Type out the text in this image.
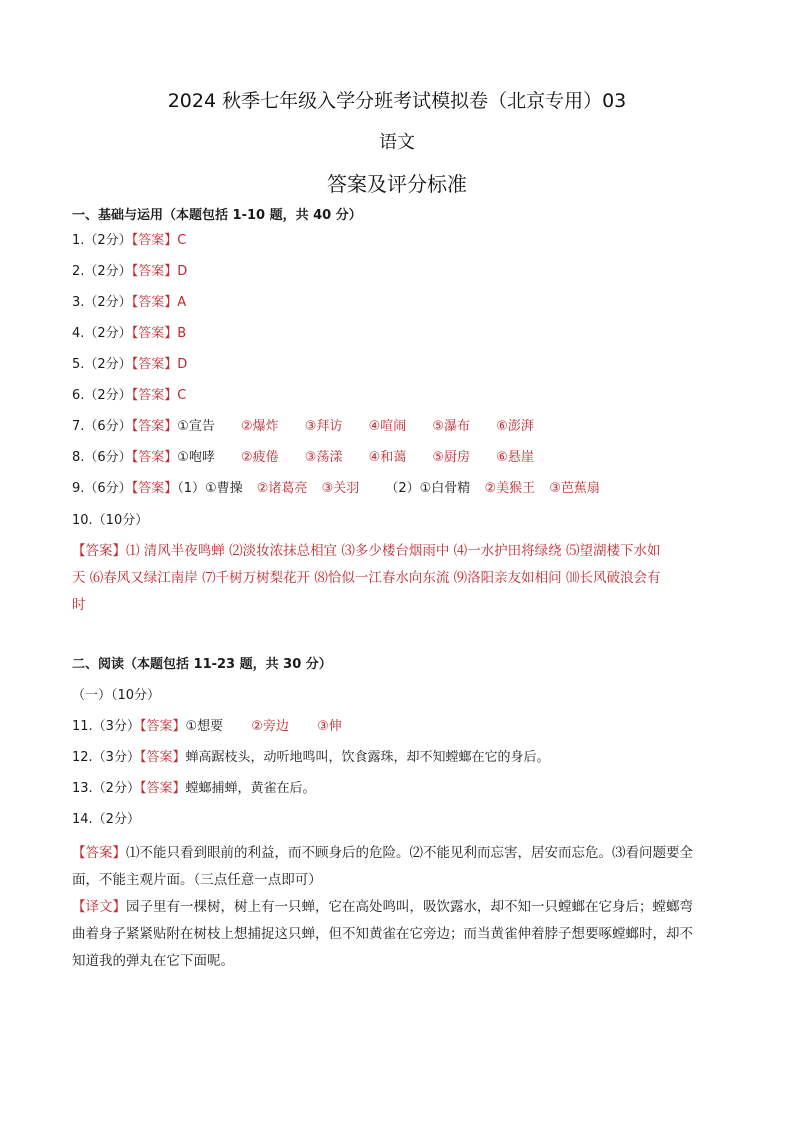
2024 秋季七年级入学分班考试模拟卷（北京专用）03
语文
答案及评分标准
一、基础与运用（本题包括 1-10 题，共 40 分）
1.（2分）【答案】C
2.（2分）【答案】D
3.（2分）【答案】A
4.（2分）【答案】B
5.（2分）【答案】D
6.（2分）【答案】C
7.（6分）【答案】①宣告 ②爆炸 ③拜访 ④喧闹 ⑤瀑布 ⑥澎湃
8.（6分）【答案】①咆哮 ②疲倦 ③荡漾 ④和蔼 ⑤厨房 ⑥悬崖
9.（6分）【答案】（1）①曹操 ②诸葛亮 ③关羽 （2）①白骨精 ②美猴王 ③芭蕉扇
10.（10分）
【答案】⑴ 清风半夜鸣蝉 ⑵淡妆浓抹总相宜 ⑶多少楼台烟雨中 ⑷一水护田将绿绕 ⑸望湖楼下水如
天 ⑹春风又绿江南岸 ⑺千树万树梨花开 ⑻恰似一江春水向东流 ⑼洛阳亲友如相问 ⑽长风破浪会有
时
二、阅读（本题包括 11-23 题，共 30 分）
（一）（10分）
11.（3分）【答案】①想要 ②旁边 ③伸
12.（3分）【答案】蝉高踞枝头，动听地鸣叫，饮食露珠，却不知螳螂在它的身后。
13.（2分）【答案】螳螂捕蝉，黄雀在后。
14.（2分）
【答案】⑴不能只看到眼前的利益，而不顾身后的危险。⑵不能见利而忘害，居安而忘危。⑶看问题要全
面，不能主观片面。（三点任意一点即可）
【译文】园子里有一棵树，树上有一只蝉，它在高处鸣叫，吸饮露水，却不知一只螳螂在它身后；螳螂弯
曲着身子紧紧贴附在树枝上想捕捉这只蝉，但不知黄雀在它旁边；而当黄雀伸着脖子想要啄螳螂时，却不
知道我的弹丸在它下面呢。
